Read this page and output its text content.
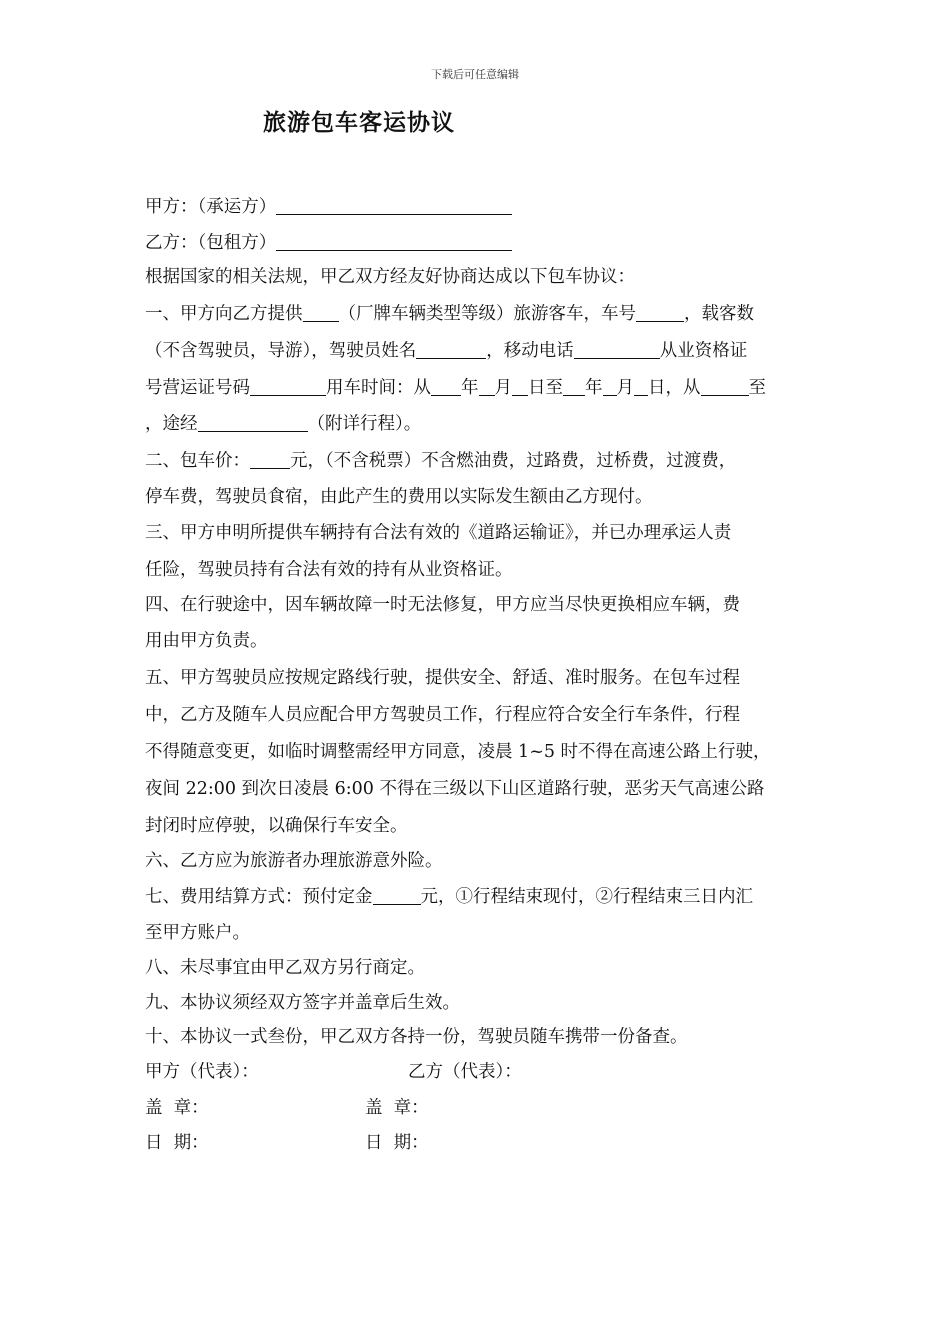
下载后可任意编辑
旅游包车客运协议
甲方：（承运方）
乙方：（包租方）
根据国家的相关法规，甲乙双方经友好协商达成以下包车协议：
一、甲方向乙方提供 （厂牌车辆类型等级）旅游客车，车号	，载客数
（不含驾驶员，导游），驾驶员姓名	，移动电话	从业资格证
号营运证号码	用车时间：从 年 月 日至 年 月 日，从	至
，途经	（附详行程）。
二、包车价： 元，（不含税票）不含燃油费，过路费，过桥费，过渡费，
停车费，驾驶员食宿，由此产生的费用以实际发生额由乙方现付。
三、甲方申明所提供车辆持有合法有效的《道路运输证》，并已办理承运人责
任险，驾驶员持有合法有效的持有从业资格证。
四、在行驶途中，因车辆故障一时无法修复，甲方应当尽快更换相应车辆，费
用由甲方负责。
五、甲方驾驶员应按规定路线行驶，提供安全、舒适、准时服务。在包车过程
中，乙方及随车人员应配合甲方驾驶员工作，行程应符合安全行车条件，行程
不得随意变更，如临时调整需经甲方同意，凌晨 1~5 时不得在高速公路上行驶，
夜间 22:00 到次日凌晨 6:00 不得在三级以下山区道路行驶，恶劣天气高速公路
封闭时应停驶，以确保行车安全。
六、乙方应为旅游者办理旅游意外险。
七、费用结算方式：预付定金	元，①行程结束现付，②行程结束三日内汇
至甲方账户。
八、未尽事宜由甲乙双方另行商定。
九、本协议须经双方签字并盖章后生效。
十、本协议一式叁份，甲乙双方各持一份，驾驶员随车携带一份备查。
甲方（代表）：	乙方（代表）：
盖  章：	盖  章：
日  期：	日  期：
